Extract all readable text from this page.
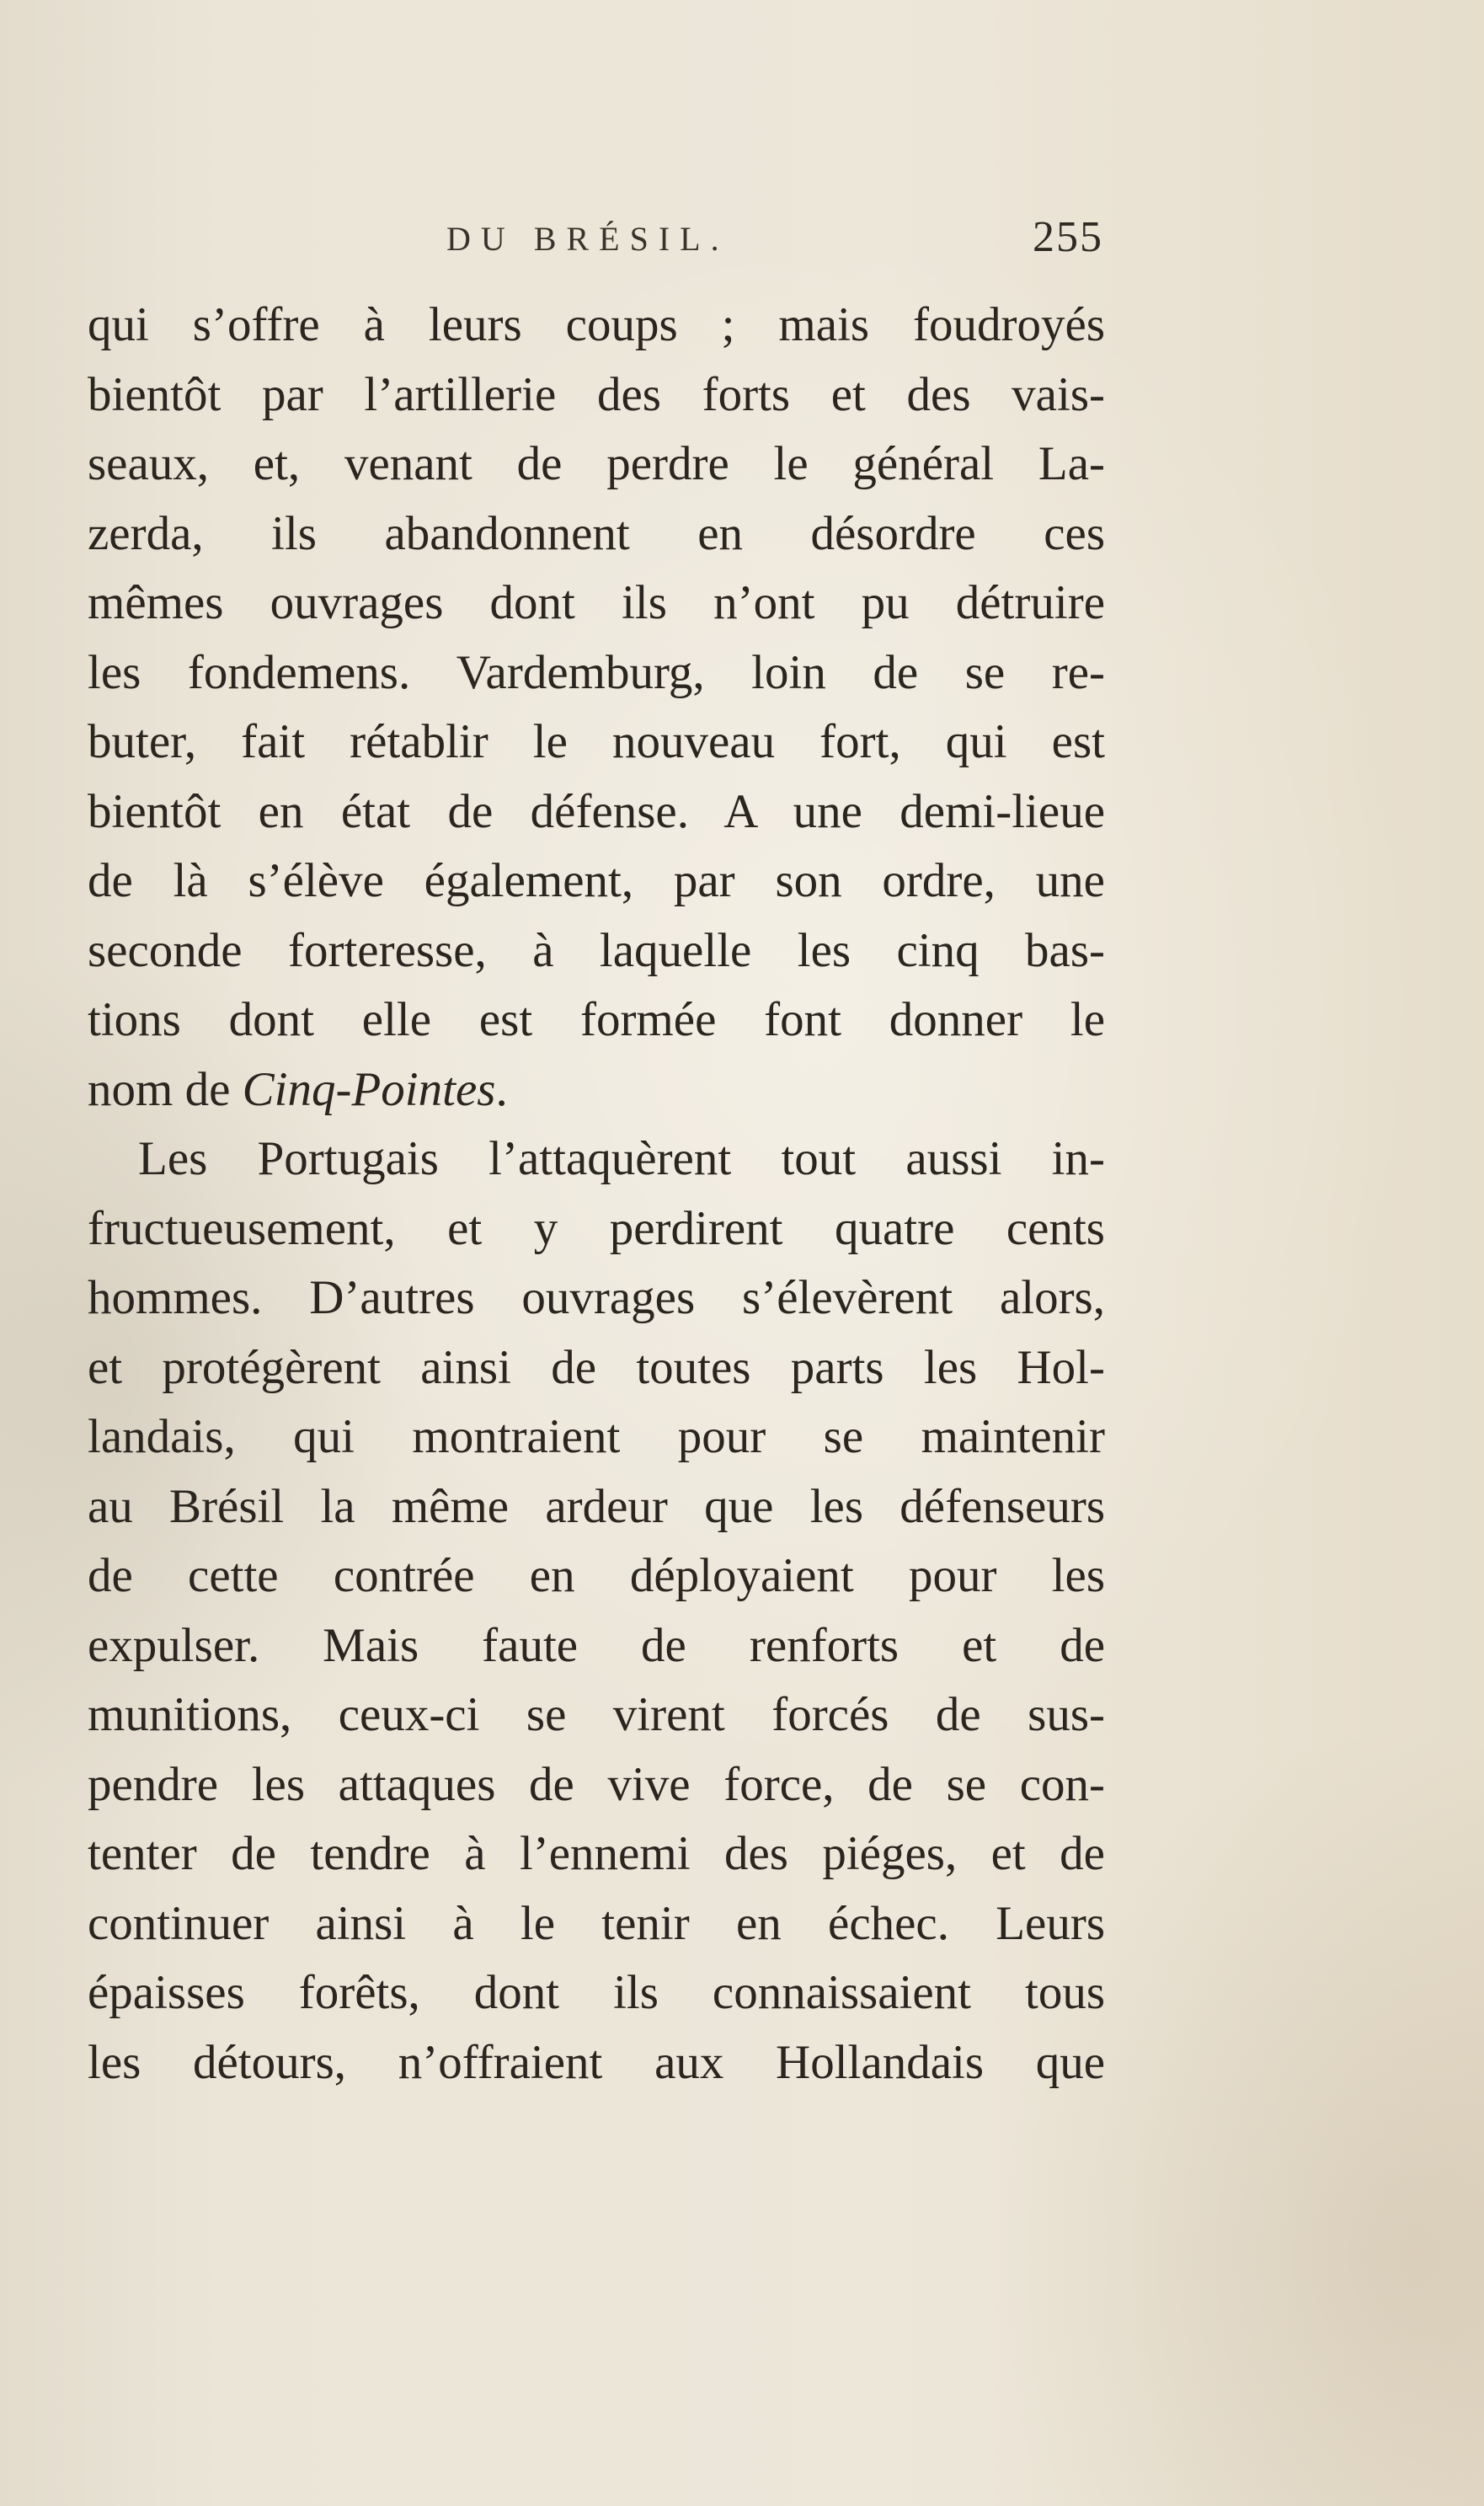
DU BRÉSIL.	255
qui s’offre à leurs coups ; mais foudroyés
bientôt par l’artillerie des forts et des vais-
seaux, et, venant de perdre le général La-
zerda, ils abandonnent en désordre ces
mêmes ouvrages dont ils n’ont pu détruire
les fondemens. Vardemburg, loin de se re-
buter, fait rétablir le nouveau fort, qui est
bientôt en état de défense. A une demi-lieue
de là s’élève également, par son ordre, une
seconde forteresse, à laquelle les cinq bas-
tions dont elle est formée font donner le
nom de Cinq-Pointes.
Les Portugais l’attaquèrent tout aussi in-
fructueusement, et y perdirent quatre cents
hommes. D’autres ouvrages s’élevèrent alors,
et protégèrent ainsi de toutes parts les Hol-
landais, qui montraient pour se maintenir
au Brésil la même ardeur que les défenseurs
de cette contrée en déployaient pour les
expulser. Mais faute de renforts et de
munitions, ceux-ci se virent forcés de sus-
pendre les attaques de vive force, de se con-
tenter de tendre à l’ennemi des piéges, et de
continuer ainsi à le tenir en échec. Leurs
épaisses forêts, dont ils connaissaient tous
les détours, n’offraient aux Hollandais que
